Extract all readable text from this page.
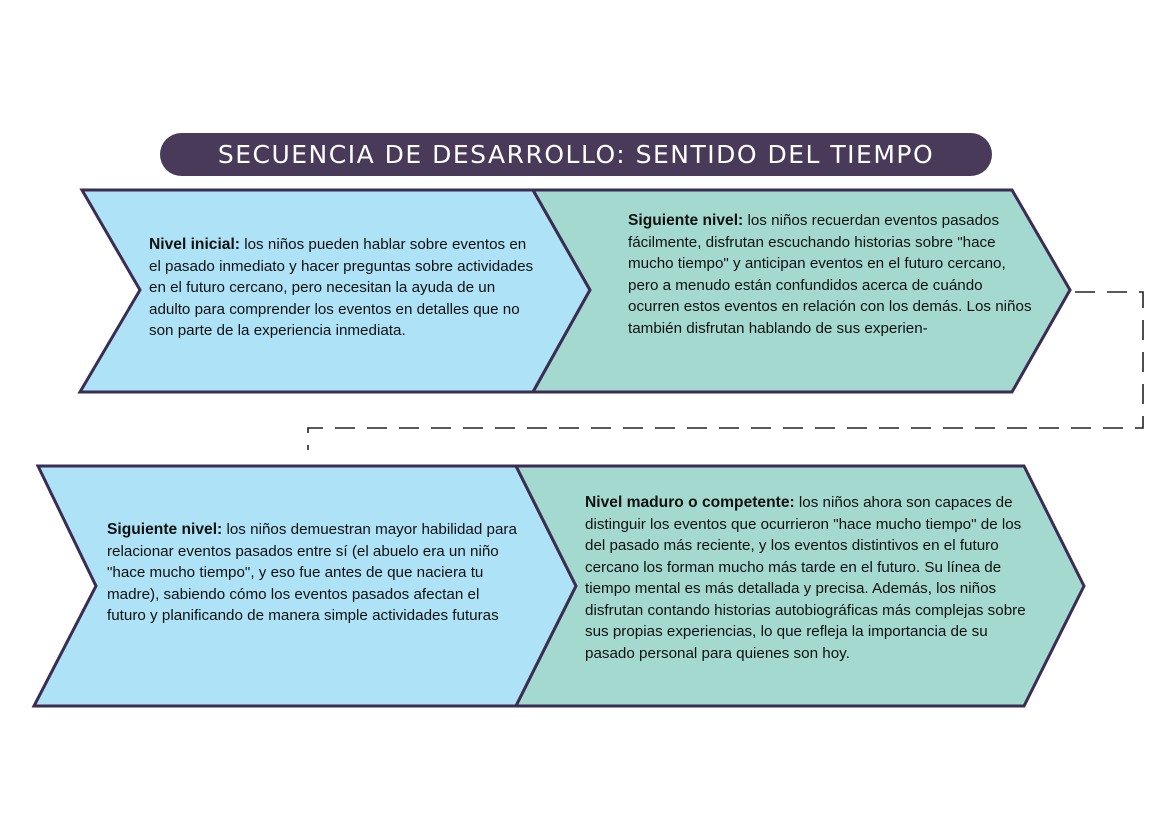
SECUENCIA DE DESARROLLO: SENTIDO DEL TIEMPO
Nivel inicial: los niños pueden hablar sobre eventos en el pasado inmediato y hacer preguntas sobre actividades en el futuro cercano, pero necesitan la ayuda de un adulto para comprender los eventos en detalles que no son parte de la experiencia inmediata.
Siguiente nivel: los niños recuerdan eventos pasados fácilmente, disfrutan escuchando historias sobre "hace mucho tiempo" y anticipan eventos en el futuro cercano, pero a menudo están confundidos acerca de cuándo ocurren estos eventos en relación con los demás. Los niños también disfrutan hablando de sus experien-
Siguiente nivel: los niños demuestran mayor habilidad para relacionar eventos pasados entre sí (el abuelo era un niño "hace mucho tiempo", y eso fue antes de que naciera tu madre), sabiendo cómo los eventos pasados afectan el futuro y planificando de manera simple actividades futuras
Nivel maduro o competente: los niños ahora son capaces de distinguir los eventos que ocurrieron "hace mucho tiempo" de los del pasado más reciente, y los eventos distintivos en el futuro cercano los forman mucho más tarde en el futuro. Su línea de tiempo mental es más detallada y precisa. Además, los niños disfrutan contando historias autobiográficas más complejas sobre sus propias experiencias, lo que refleja la importancia de su pasado personal para quienes son hoy.
